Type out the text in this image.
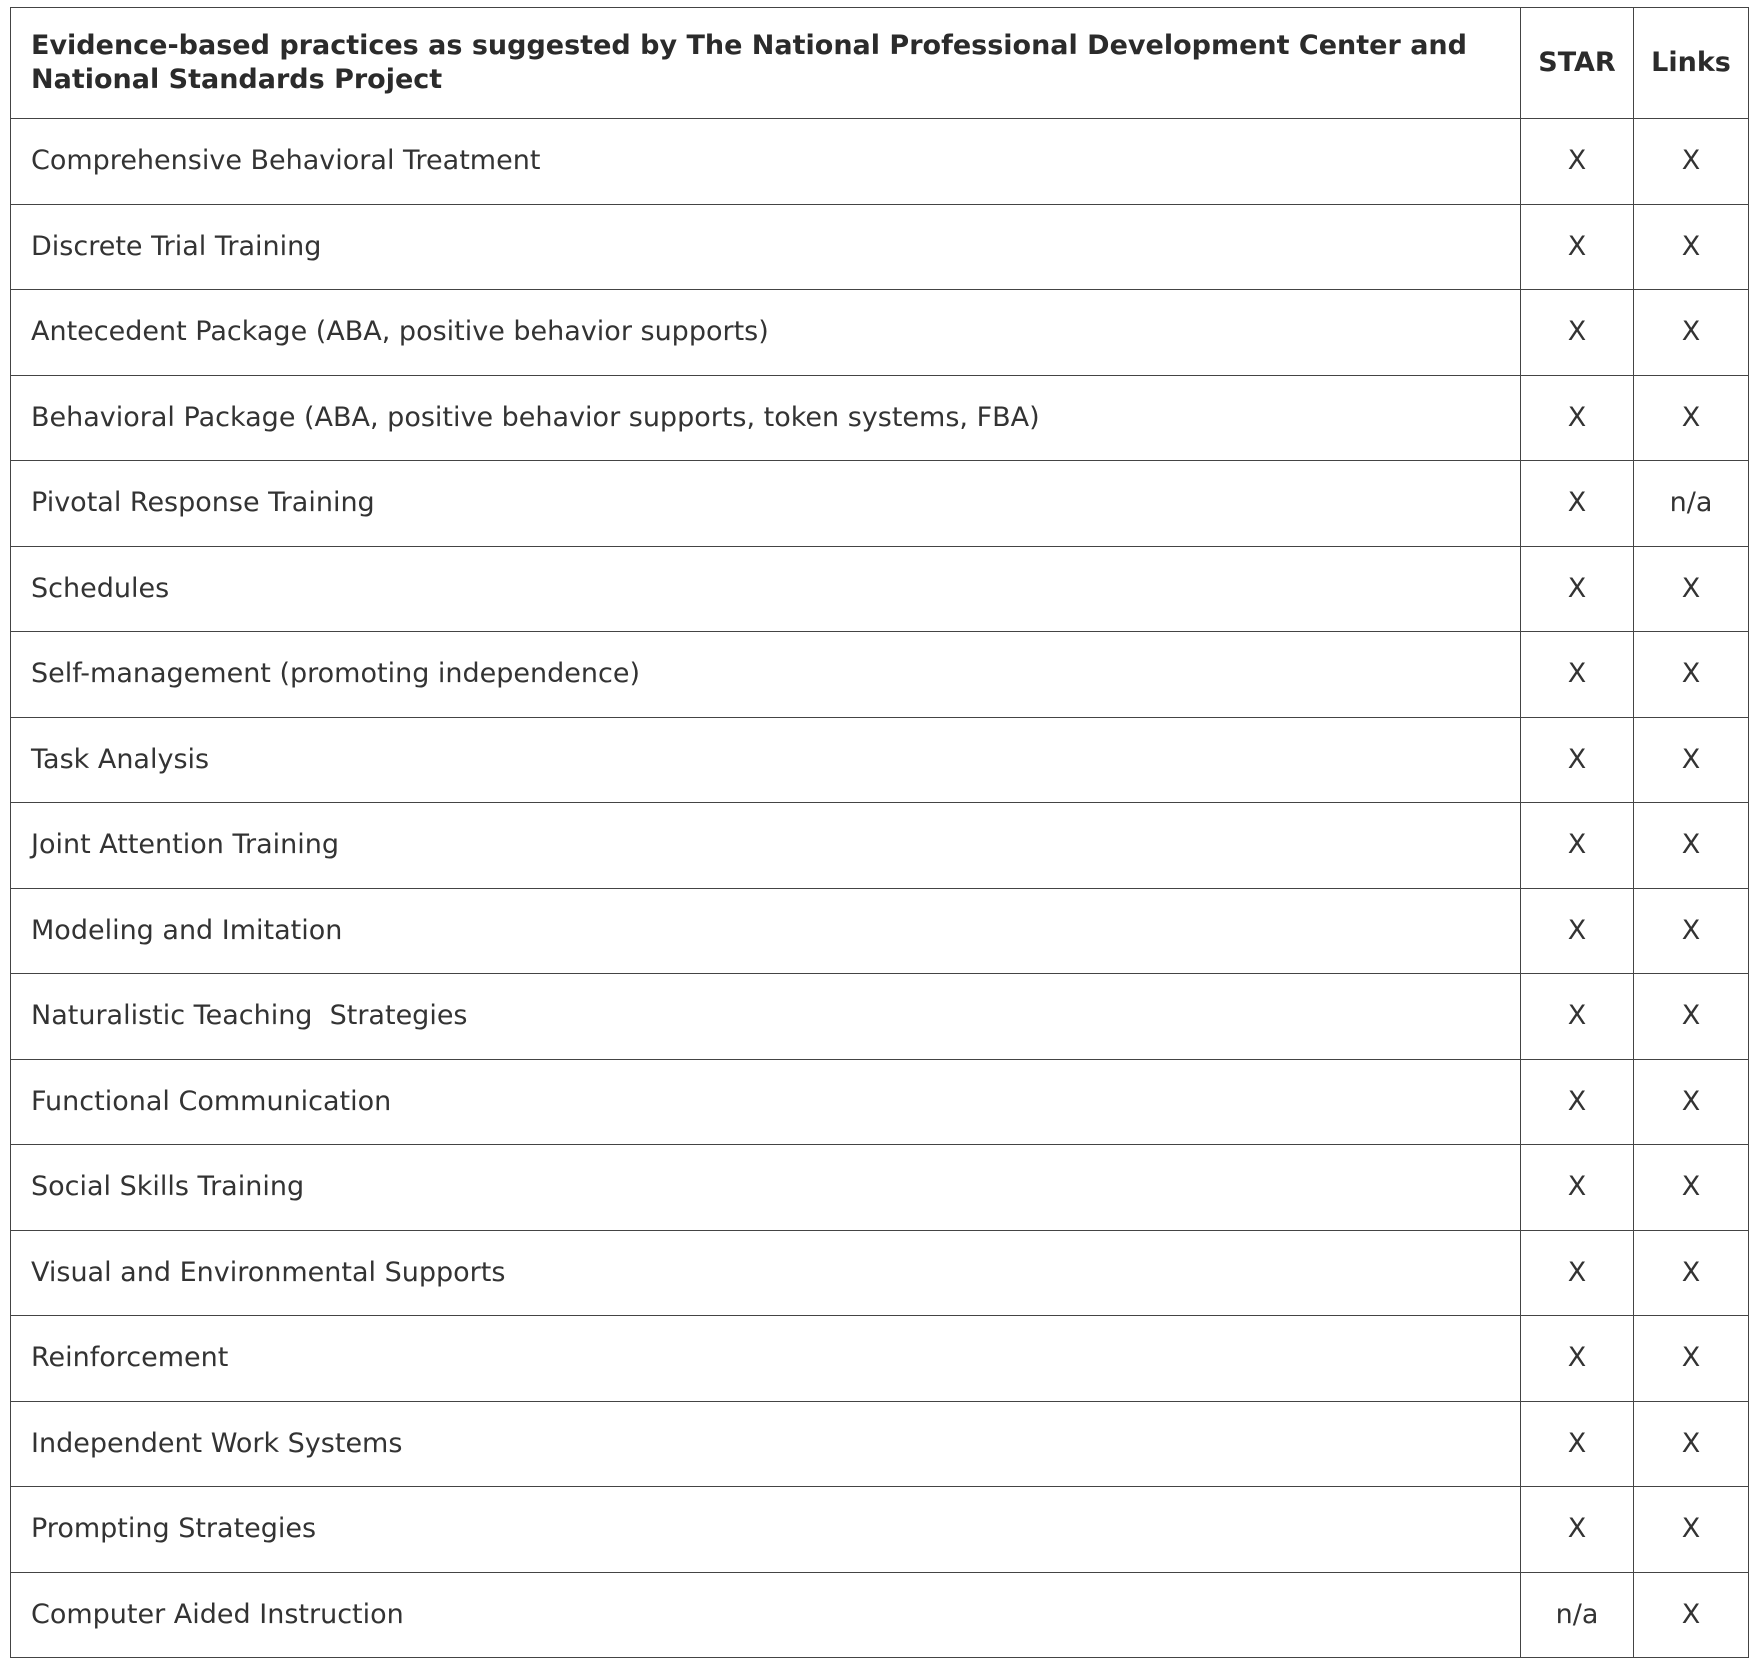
Evidence-based practices as suggested by The National Professional Development Center and National Standards Project	STAR	Links
Comprehensive Behavioral Treatment	X	X
Discrete Trial Training	X	X
Antecedent Package (ABA, positive behavior supports)	X	X
Behavioral Package (ABA, positive behavior supports, token systems, FBA)	X	X
Pivotal Response Training	X	n/a
Schedules	X	X
Self-management (promoting independence)	X	X
Task Analysis	X	X
Joint Attention Training	X	X
Modeling and Imitation	X	X
Naturalistic Teaching  Strategies	X	X
Functional Communication	X	X
Social Skills Training	X	X
Visual and Environmental Supports	X	X
Reinforcement	X	X
Independent Work Systems	X	X
Prompting Strategies	X	X
Computer Aided Instruction	n/a	X
